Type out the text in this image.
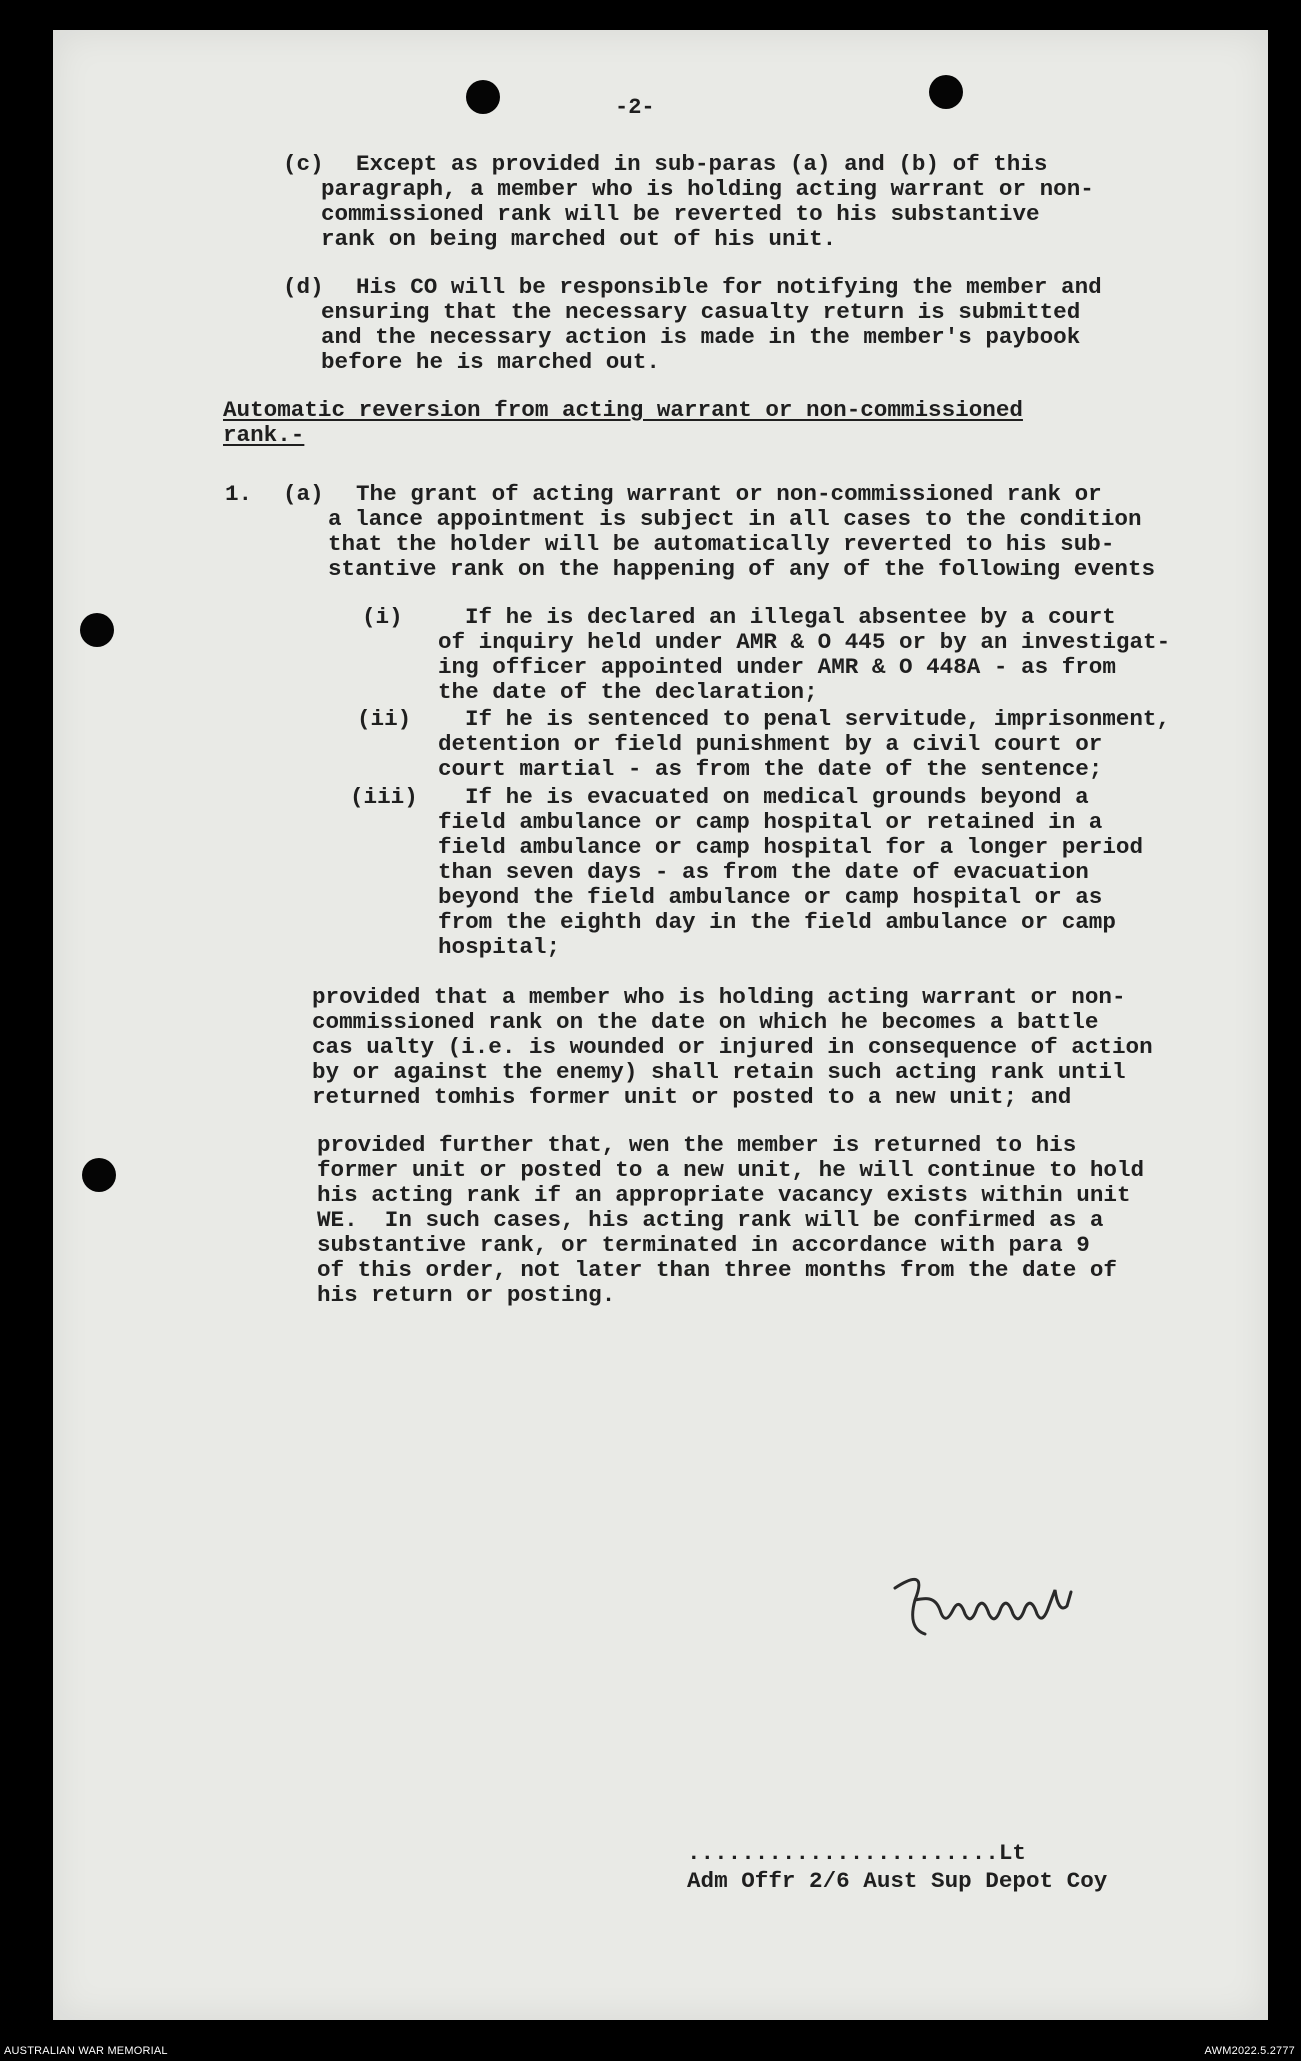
-2-

(c) Except as provided in sub-paras (a) and (b) of this

paragraph, a member who is holding acting warrant or non-

commissioned rank will be reverted to his substantive

rank on being marched out of his unit.

(d) His CO will be responsible for notifying the member and

ensuring that the necessary casualty return is submitted

and the necessary action is made in the member's paybook

before he is marched out.

Automatic reversion from acting warrant or non-commissioned

rank.-

1. (a) The grant of acting warrant or non-commissioned rank or

a lance appointment is subject in all cases to the condition

that the holder will be automatically reverted to his sub-

stantive rank on the happening of any of the following events

(i)	If he is declared an illegal absentee by a court

of inquiry held under AMR & O 445 or by an investigat-

ing officer appointed under AMR & O 448A - as from

the date of the declaration;

(ii) If he is sentenced to penal servitude, imprisonment,

detention or field punishment by a civil court or

court martial - as from the date of the sentence;

(iii) If he is evacuated on medical grounds beyond a

field ambulance or camp hospital or retained in a

field ambulance or camp hospital for a longer period

than seven days - as from the date of evacuation

beyond the field ambulance or camp hospital or as

from the eighth day in the field ambulance or camp

hospital;

provided that a member who is holding acting warrant or non-

commissioned rank on the date on which he becomes a battle

cas ualty (i.e. is wounded or injured in consequence of action

by or against the enemy) shall retain such acting rank until

returned tomhis former unit or posted to a new unit; and

provided further that, wen the member is returned to his

former unit or posted to a new unit, he will continue to hold

his acting rank if an appropriate vacancy exists within unit

WE.  In such cases, his acting rank will be confirmed as a

substantive rank, or terminated in accordance with para 9

of this order, not later than three months from the date of

his return or posting.

.......................Lt

Adm Offr 2/6 Aust Sup Depot Coy

AUSTRALIAN WAR MEMORIAL	AWM2022.5.2777
